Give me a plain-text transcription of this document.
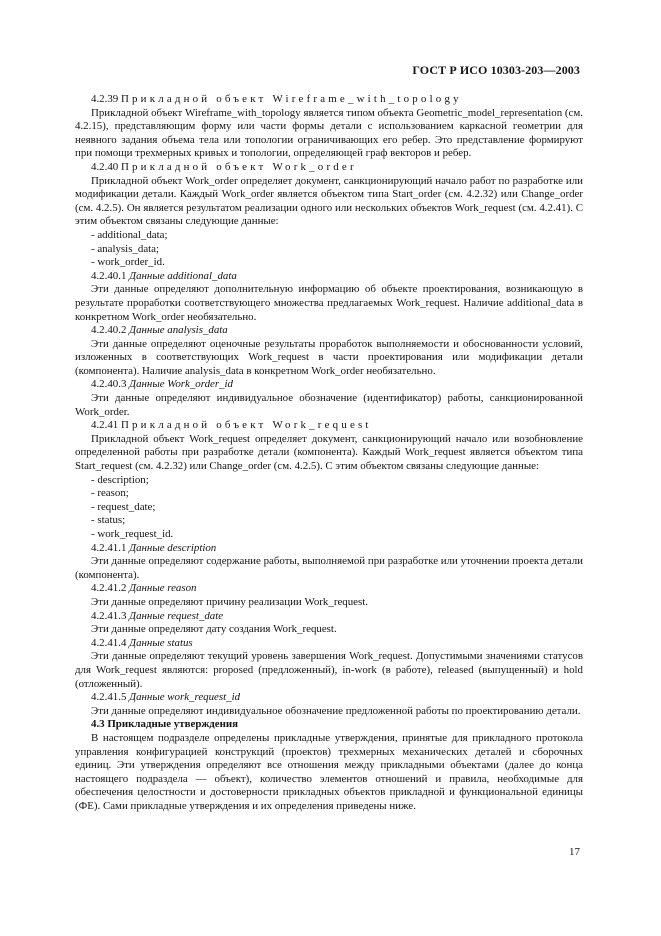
ГОСТ Р ИСО 10303-203—2003

4.2.39 Прикладной объект Wireframe_with_topology

Прикладной объект Wireframe_with_topology является типом объекта Geometric_model_representation (см. 4.2.15), представляющим форму или части формы детали с использованием каркасной геометрии для неявного задания объема тела или топологии ограничивающих его ребер. Это представление формируют при помощи трехмерных кривых и топологии, определяющей граф векторов и ребер.

4.2.40 Прикладной объект Work_order

Прикладной объект Work_order определяет документ, санкционирующий начало работ по разработке или модификации детали. Каждый Work_order является объектом типа Start_order (см. 4.2.32) или Change_order (см. 4.2.5). Он является результатом реализации одного или нескольких объектов Work_request (см. 4.2.41). С этим объектом связаны следующие данные:

- additional_data;

- analysis_data;

- work_order_id.

4.2.40.1 Данные additional_data

Эти данные определяют дополнительную информацию об объекте проектирования, возникающую в результате проработки соответствующего множества предлагаемых Work_request. Наличие additional_data в конкретном Work_order необязательно.

4.2.40.2 Данные analysis_data

Эти данные определяют оценочные результаты проработок выполняемости и обоснованности условий, изложенных в соответствующих Work_request в части проектирования или модификации детали (компонента). Наличие analysis_data в конкретном Work_order необязательно.

4.2.40.3 Данные Work_order_id

Эти данные определяют индивидуальное обозначение (идентификатор) работы, санкционированной Work_order.

4.2.41 Прикладной объект Work_request

Прикладной объект Work_request определяет документ, санкционирующий начало или возобновление определенной работы при разработке детали (компонента). Каждый Work_request является объектом типа Start_request (см. 4.2.32) или Change_order (см. 4.2.5). С этим объектом связаны следующие данные:

- description;

- reason;

- request_date;

- status;

- work_request_id.

4.2.41.1 Данные description

Эти данные определяют содержание работы, выполняемой при разработке или уточнении проекта детали (компонента).

4.2.41.2 Данные reason

Эти данные определяют причину реализации Work_request.

4.2.41.3 Данные request_date

Эти данные определяют дату создания Work_request.

4.2.41.4 Данные status

Эти данные определяют текущий уровень завершения Work_request. Допустимыми значениями статусов для Work_request являются: proposed (предложенный), in-work (в работе), released (выпущенный) и hold (отложенный).

4.2.41.5 Данные work_request_id

Эти данные определяют индивидуальное обозначение предложенной работы по проектированию детали.

4.3 Прикладные утверждения

В настоящем подразделе определены прикладные утверждения, принятые для прикладного протокола управления конфигурацией конструкций (проектов) трехмерных механических деталей и сборочных единиц. Эти утверждения определяют все отношения между прикладными объектами (далее до конца настоящего подраздела — объект), количество элементов отношений и правила, необходимые для обеспечения целостности и достоверности прикладных объектов прикладной и функциональной единицы (ФЕ). Сами прикладные утверждения и их определения приведены ниже.

17
